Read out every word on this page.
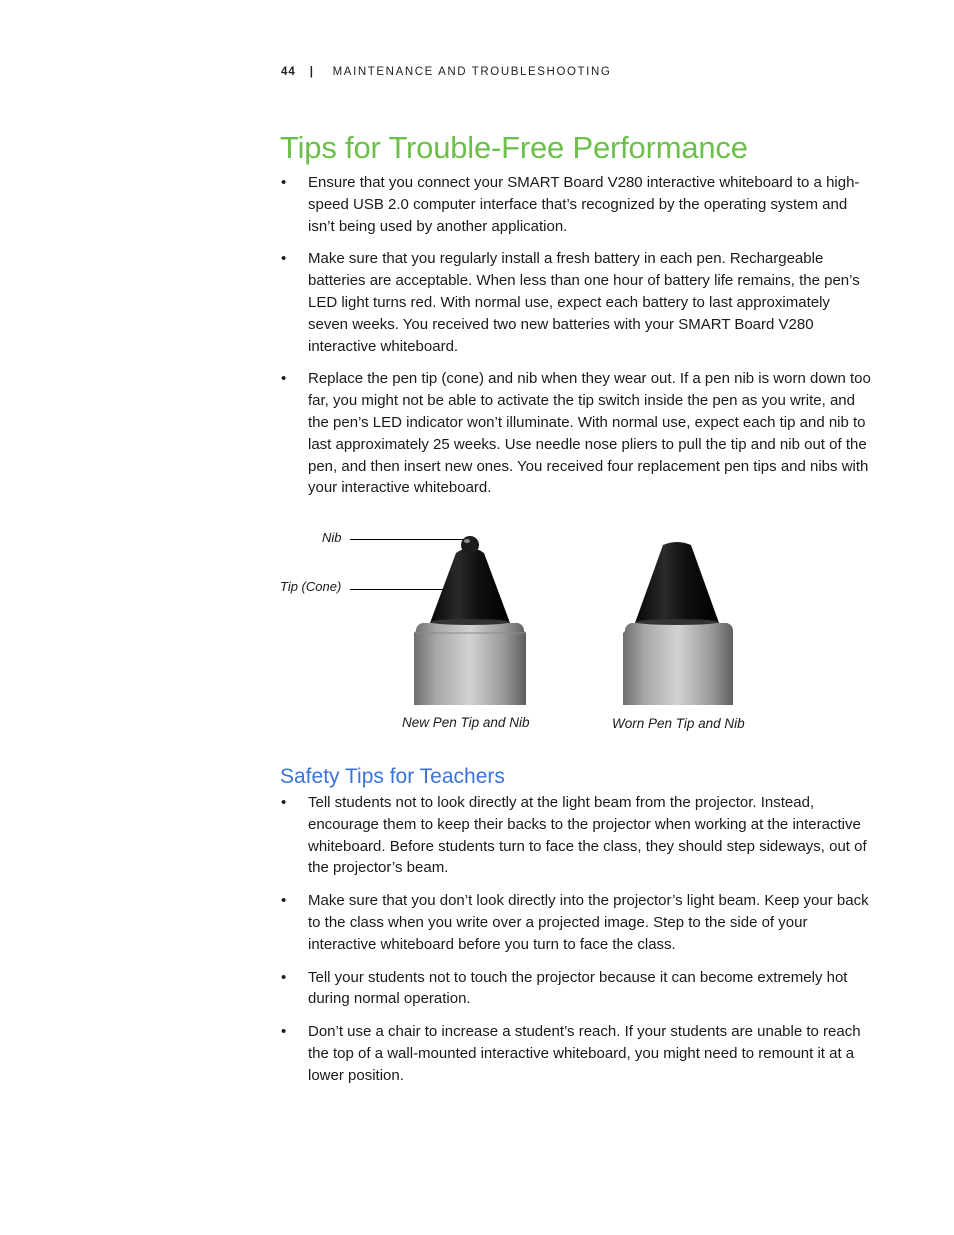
44 | MAINTENANCE AND TROUBLESHOOTING
Tips for Trouble-Free Performance
• Ensure that you connect your SMART Board V280 interactive whiteboard to a high-speed USB 2.0 computer interface that’s recognized by the operating system and isn’t being used by another application.
• Make sure that you regularly install a fresh battery in each pen. Rechargeable batteries are acceptable. When less than one hour of battery life remains, the pen’s LED light turns red. With normal use, expect each battery to last approximately seven weeks. You received two new batteries with your SMART Board V280 interactive whiteboard.
• Replace the pen tip (cone) and nib when they wear out. If a pen nib is worn down too far, you might not be able to activate the tip switch inside the pen as you write, and the pen’s LED indicator won’t illuminate. With normal use, expect each tip and nib to last approximately 25 weeks. Use needle nose pliers to pull the tip and nib out of the pen, and then insert new ones. You received four replacement pen tips and nibs with your interactive whiteboard.
Nib
Tip (Cone)
New Pen Tip and Nib	Worn Pen Tip and Nib
Safety Tips for Teachers
• Tell students not to look directly at the light beam from the projector. Instead, encourage them to keep their backs to the projector when working at the interactive whiteboard. Before students turn to face the class, they should step sideways, out of the projector’s beam.
• Make sure that you don’t look directly into the projector’s light beam. Keep your back to the class when you write over a projected image. Step to the side of your interactive whiteboard before you turn to face the class.
• Tell your students not to touch the projector because it can become extremely hot during normal operation.
• Don’t use a chair to increase a student’s reach. If your students are unable to reach the top of a wall-mounted interactive whiteboard, you might need to remount it at a lower position.
